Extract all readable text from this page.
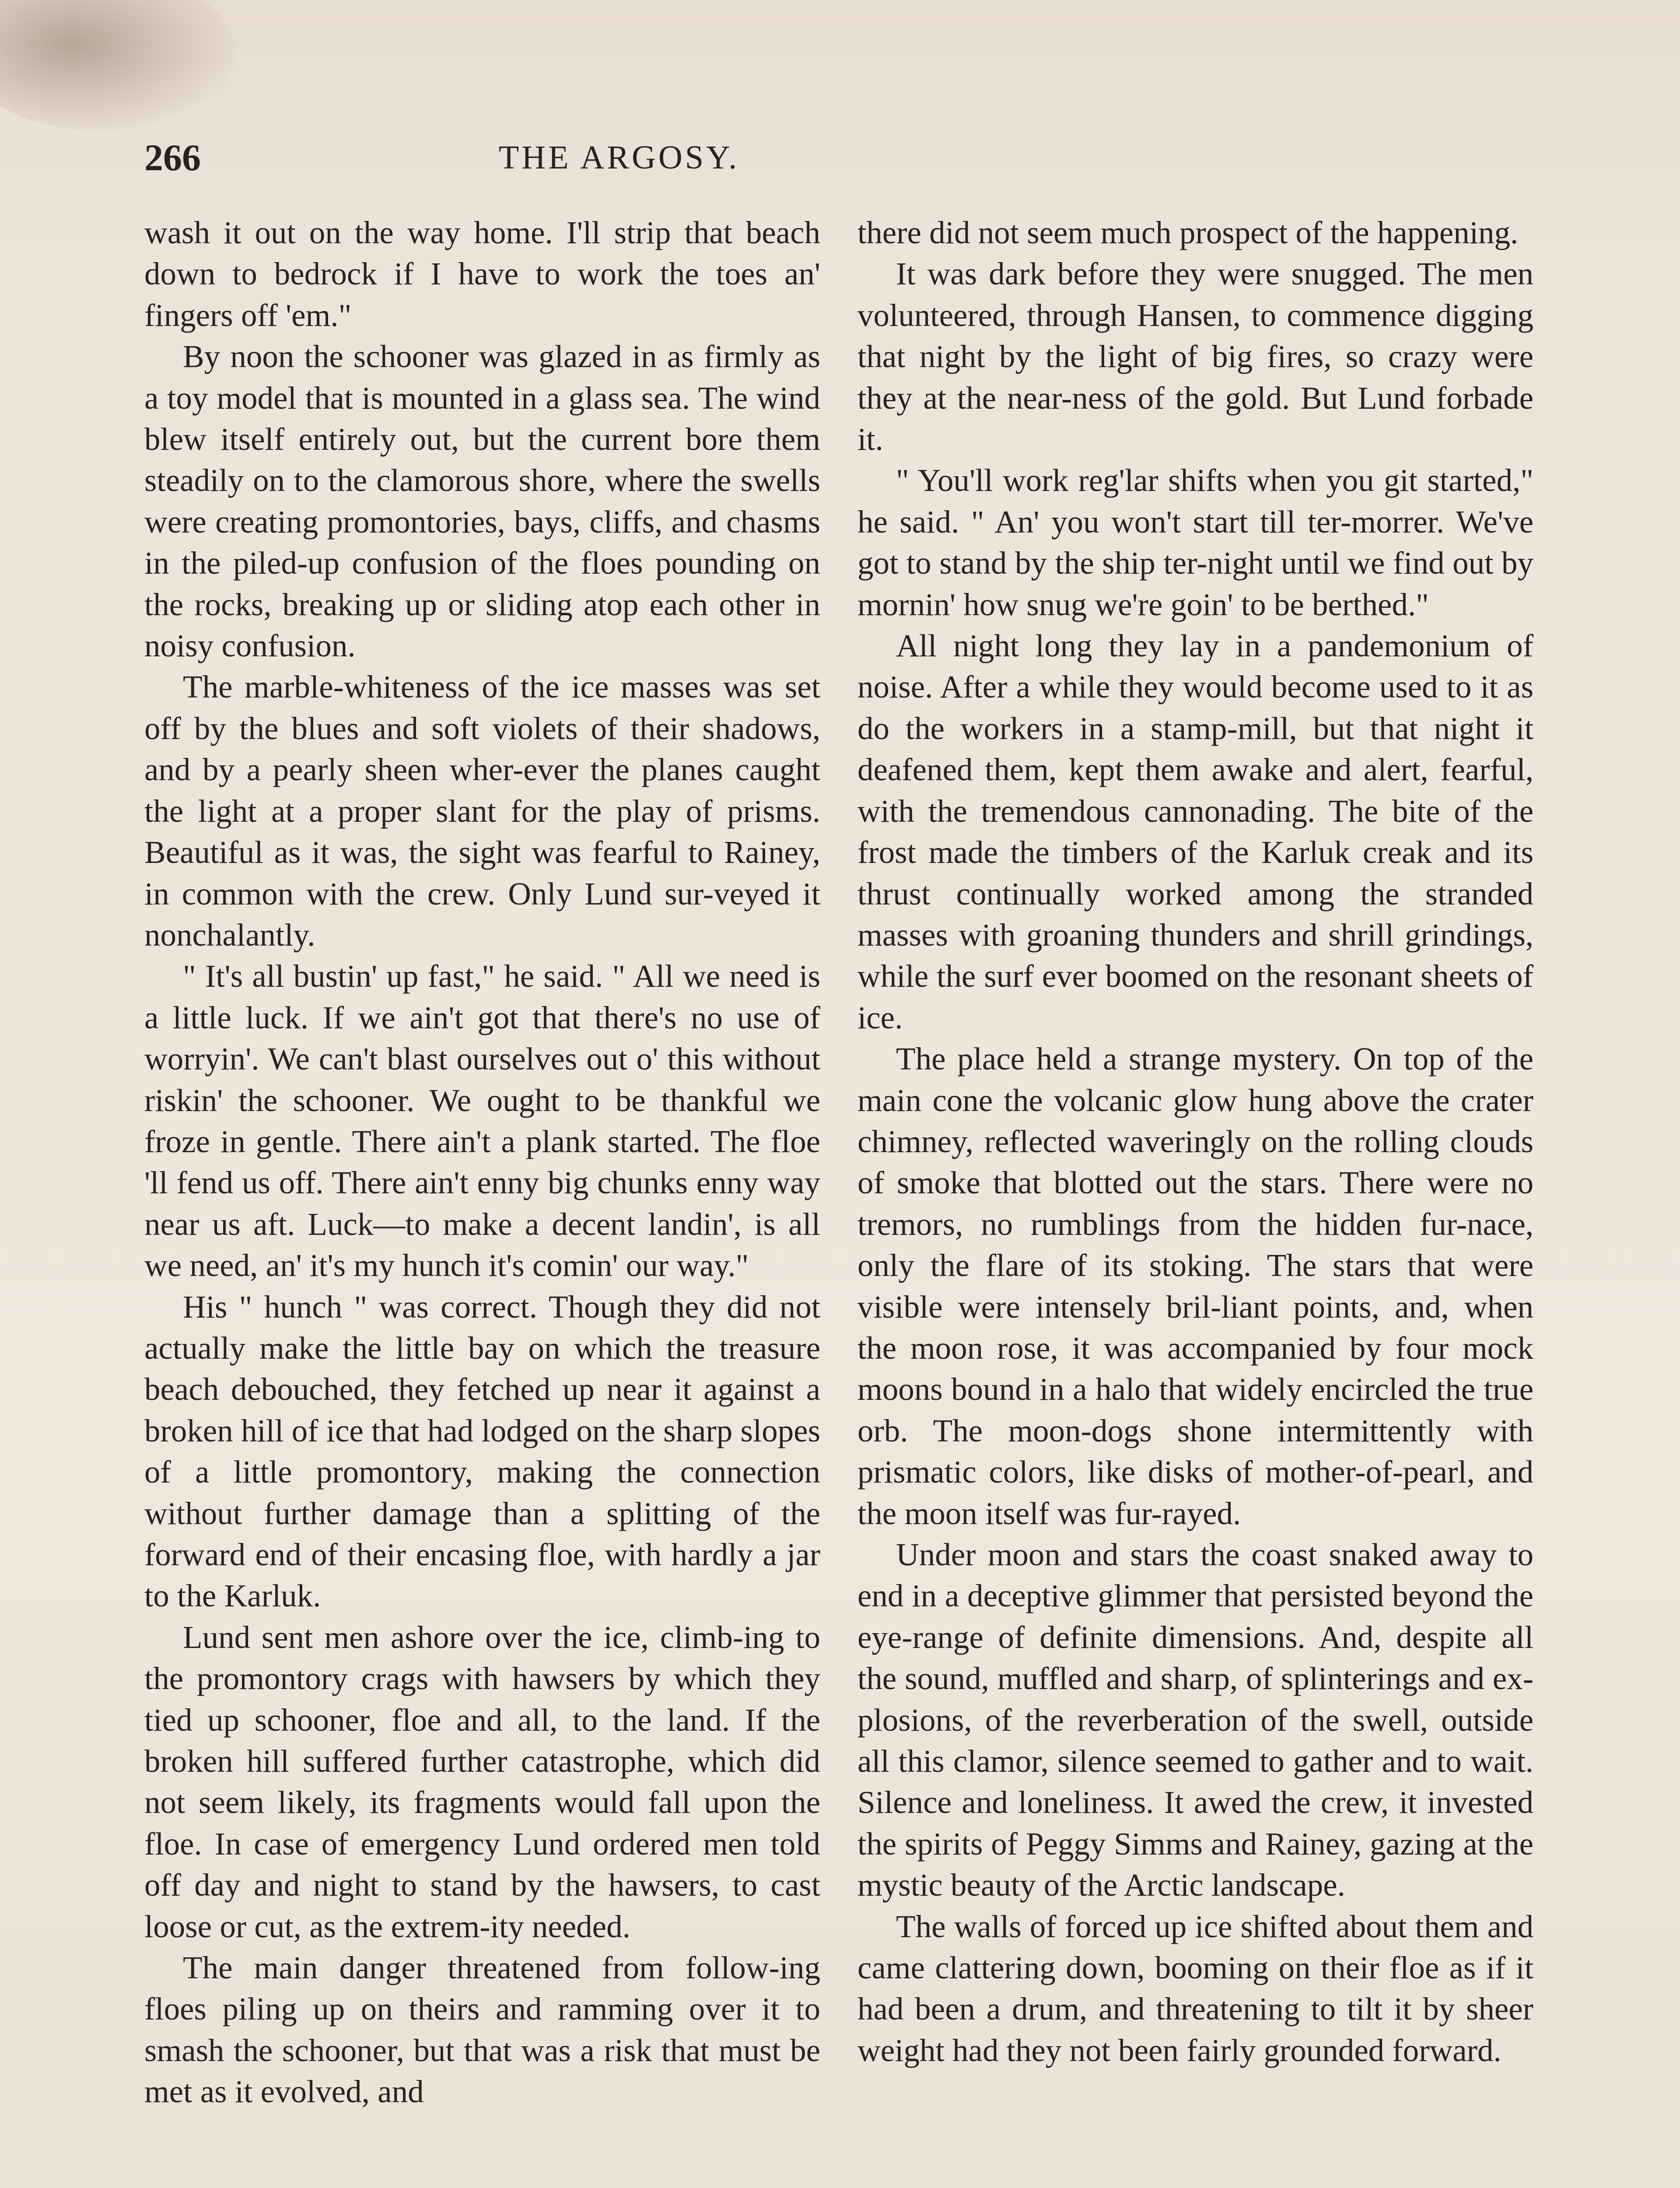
266	THE ARGOSY.

wash it out on the way home. I'll strip that beach down to bedrock if I have to work the toes an' fingers off 'em."

By noon the schooner was glazed in as firmly as a toy model that is mounted in a glass sea. The wind blew itself entirely out, but the current bore them steadily on to the clamorous shore, where the swells were creating promontories, bays, cliffs, and chasms in the piled-up confusion of the floes pounding on the rocks, breaking up or sliding atop each other in noisy confusion.

The marble-whiteness of the ice masses was set off by the blues and soft violets of their shadows, and by a pearly sheen wher-ever the planes caught the light at a proper slant for the play of prisms. Beautiful as it was, the sight was fearful to Rainey, in common with the crew. Only Lund sur-veyed it nonchalantly.

" It's all bustin' up fast," he said. " All we need is a little luck. If we ain't got that there's no use of worryin'. We can't blast ourselves out o' this without riskin' the schooner. We ought to be thankful we froze in gentle. There ain't a plank started. The floe 'll fend us off. There ain't enny big chunks enny way near us aft. Luck—to make a decent landin', is all we need, an' it's my hunch it's comin' our way."

His " hunch " was correct. Though they did not actually make the little bay on which the treasure beach debouched, they fetched up near it against a broken hill of ice that had lodged on the sharp slopes of a little promontory, making the connection without further damage than a splitting of the forward end of their encasing floe, with hardly a jar to the Karluk.

Lund sent men ashore over the ice, climb-ing to the promontory crags with hawsers by which they tied up schooner, floe and all, to the land. If the broken hill suffered further catastrophe, which did not seem likely, its fragments would fall upon the floe. In case of emergency Lund ordered men told off day and night to stand by the hawsers, to cast loose or cut, as the extrem-ity needed.

The main danger threatened from follow-ing floes piling up on theirs and ramming over it to smash the schooner, but that was a risk that must be met as it evolved, and

there did not seem much prospect of the happening.

It was dark before they were snugged. The men volunteered, through Hansen, to commence digging that night by the light of big fires, so crazy were they at the near-ness of the gold. But Lund forbade it.

" You'll work reg'lar shifts when you git started," he said. " An' you won't start till ter-morrer. We've got to stand by the ship ter-night until we find out by mornin' how snug we're goin' to be berthed."

All night long they lay in a pandemonium of noise. After a while they would become used to it as do the workers in a stamp-mill, but that night it deafened them, kept them awake and alert, fearful, with the tremendous cannonading. The bite of the frost made the timbers of the Karluk creak and its thrust continually worked among the stranded masses with groaning thunders and shrill grindings, while the surf ever boomed on the resonant sheets of ice.

The place held a strange mystery. On top of the main cone the volcanic glow hung above the crater chimney, reflected waveringly on the rolling clouds of smoke that blotted out the stars. There were no tremors, no rumblings from the hidden fur-nace, only the flare of its stoking. The stars that were visible were intensely bril-liant points, and, when the moon rose, it was accompanied by four mock moons bound in a halo that widely encircled the true orb. The moon-dogs shone intermittently with prismatic colors, like disks of mother-of-pearl, and the moon itself was fur-rayed.

Under moon and stars the coast snaked away to end in a deceptive glimmer that persisted beyond the eye-range of definite dimensions. And, despite all the sound, muffled and sharp, of splinterings and ex-plosions, of the reverberation of the swell, outside all this clamor, silence seemed to gather and to wait. Silence and loneliness. It awed the crew, it invested the spirits of Peggy Simms and Rainey, gazing at the mystic beauty of the Arctic landscape.

The walls of forced up ice shifted about them and came clattering down, booming on their floe as if it had been a drum, and threatening to tilt it by sheer weight had they not been fairly grounded forward.
